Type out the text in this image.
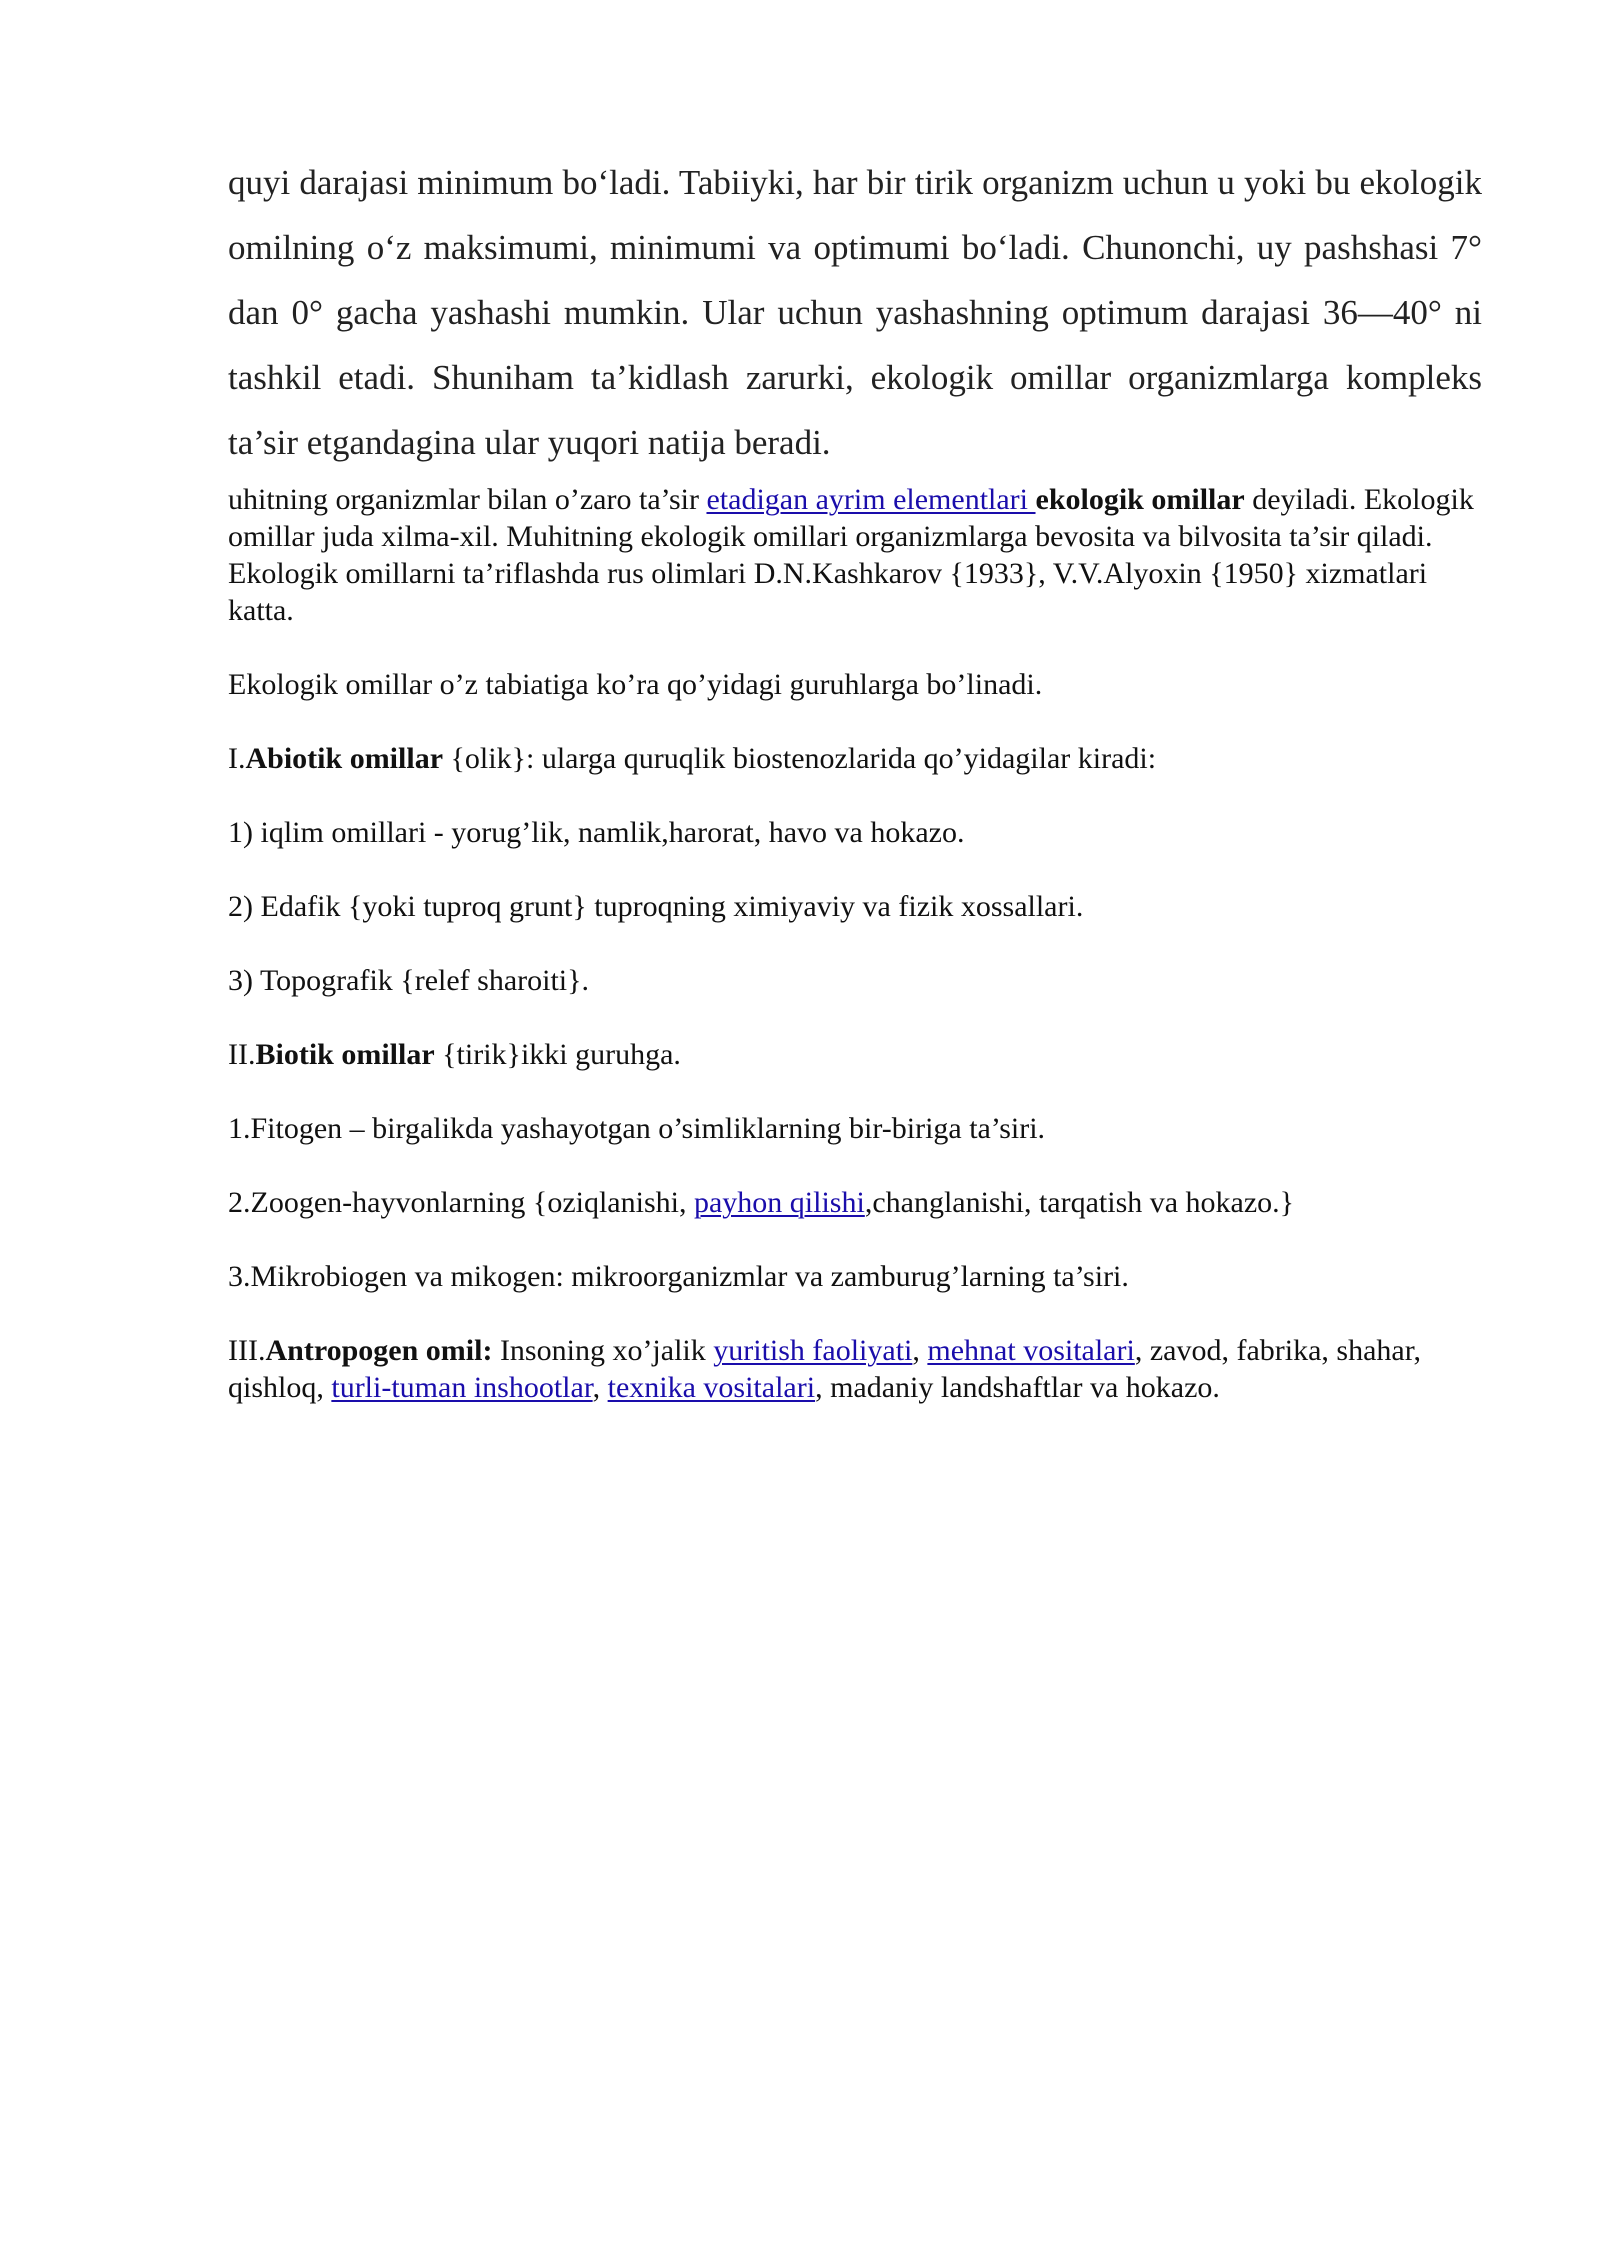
quyi darajasi minimum bo‘ladi. Tabiiyki, har bir tirik organizm uchun u yoki bu ekologik omilning o‘z maksimumi, minimumi va optimumi bo‘ladi. Chunonchi, uy pashshasi 7° dan 0° gacha yashashi mumkin. Ular uchun yashashning optimum darajasi 36—40° ni tashkil etadi. Shuniham ta’kidlash zarurki, ekologik omillar organizmlarga kompleks ta’sir etgandagina ular yuqori natija beradi.

uhitning organizmlar bilan o’zaro ta’sir etadigan ayrim elementlari ekologik omillar deyiladi. Ekologik omillar juda xilma-xil. Muhitning ekologik omillari organizmlarga bevosita va bilvosita ta’sir qiladi. Ekologik omillarni ta’riflashda rus olimlari D.N.Kashkarov {1933}, V.V.Alyoxin {1950} xizmatlari katta.

Ekologik omillar o’z tabiatiga ko’ra qo’yidagi guruhlarga bo’linadi.

I.Abiotik omillar {olik}: ularga quruqlik biostenozlarida qo’yidagilar kiradi:

1) iqlim omillari - yorug’lik, namlik,harorat, havo va hokazo.

2) Edafik {yoki tuproq grunt} tuproqning ximiyaviy va fizik xossallari.

3) Topografik {relef sharoiti}.

II.Biotik omillar {tirik}ikki guruhga.

1.Fitogen – birgalikda yashayotgan o’simliklarning bir-biriga ta’siri.

2.Zoogen-hayvonlarning {oziqlanishi, payhon qilishi,changlanishi, tarqatish va hokazo.}

3.Mikrobiogen va mikogen: mikroorganizmlar va zamburug’larning ta’siri.

III.Antropogen omil: Insoning xo’jalik yuritish faoliyati, mehnat vositalari, zavod, fabrika, shahar, qishloq, turli-tuman inshootlar, texnika vositalari, madaniy landshaftlar va hokazo.
